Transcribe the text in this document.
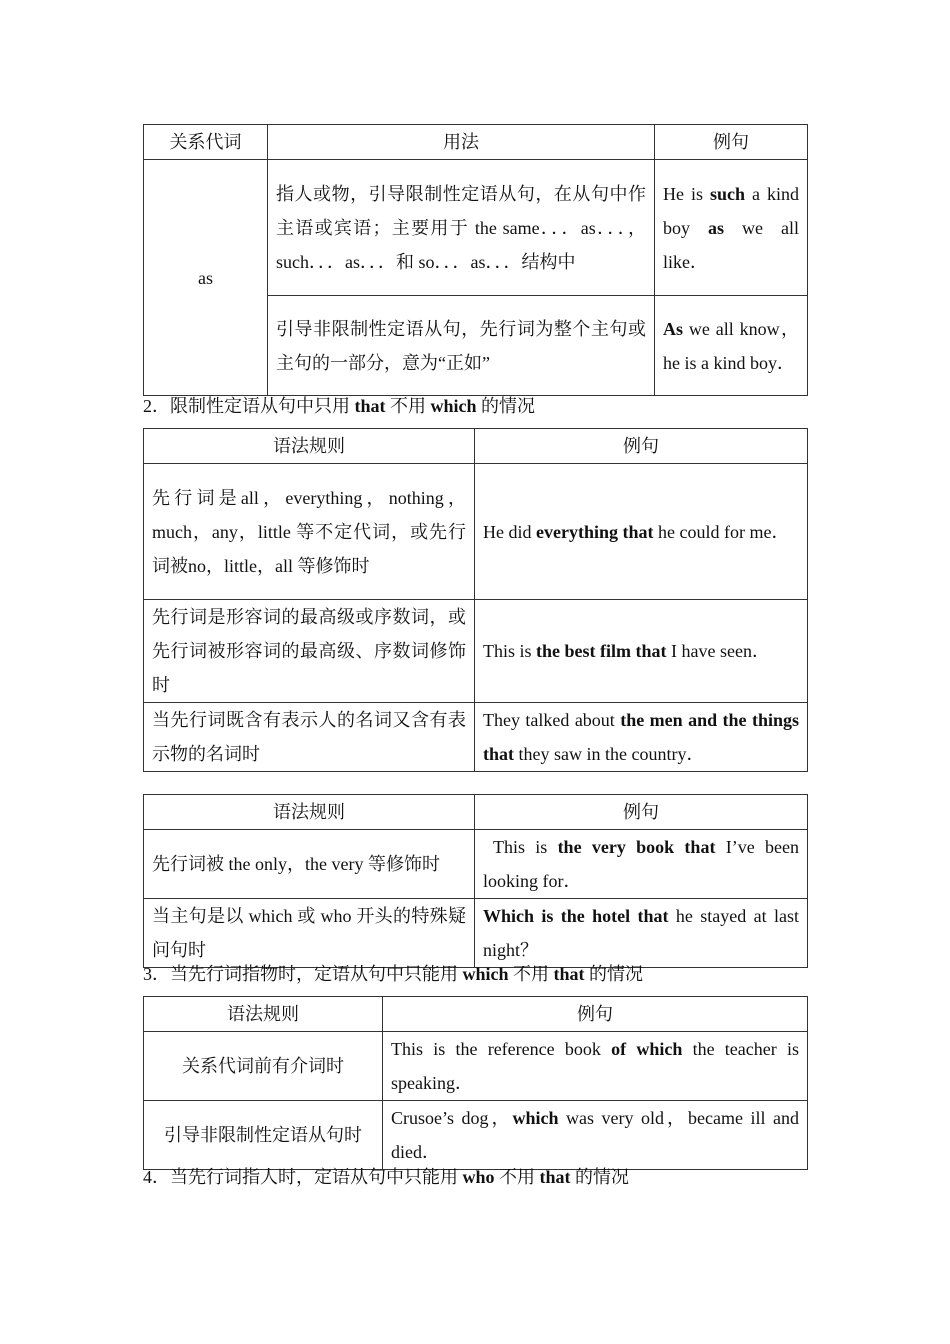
关系代词	用法	例句
as	指人或物，引导限制性定语从句，在从句中作主语或宾语；主要用于 the same．．．as．．．，such．．．as．．．和 so．．．as．．．结构中	He is such a kind boy as we all like．
	引导非限制性定语从句，先行词为整个主句或主句的一部分，意为“正如”	As we all know， he is a kind boy．
2．限制性定语从句中只用 that 不用 which 的情况
语法规则	例句
先行词是all，everything，nothing，much，any，little 等不定代词，或先行词被no，little，all 等修饰时	He did everything that he could for me．
先行词是形容词的最高级或序数词，或先行词被形容词的最高级、序数词修饰时	This is the best film that I have seen．
当先行词既含有表示人的名词又含有表示物的名词时	They talked about the men and the things that they saw in the country．
语法规则	例句
先行词被 the only，the very 等修饰时	This is the very book that I’ve been looking for．
当主句是以 which 或 who 开头的特殊疑问句时	Which is the hotel that he stayed at last night？
3．当先行词指物时，定语从句中只能用 which 不用 that 的情况
语法规则	例句
关系代词前有介词时	This is the reference book of which the teacher is speaking．
引导非限制性定语从句时	Crusoe’s dog，which was very old，became ill and died．
4．当先行词指人时，定语从句中只能用 who 不用 that 的情况
